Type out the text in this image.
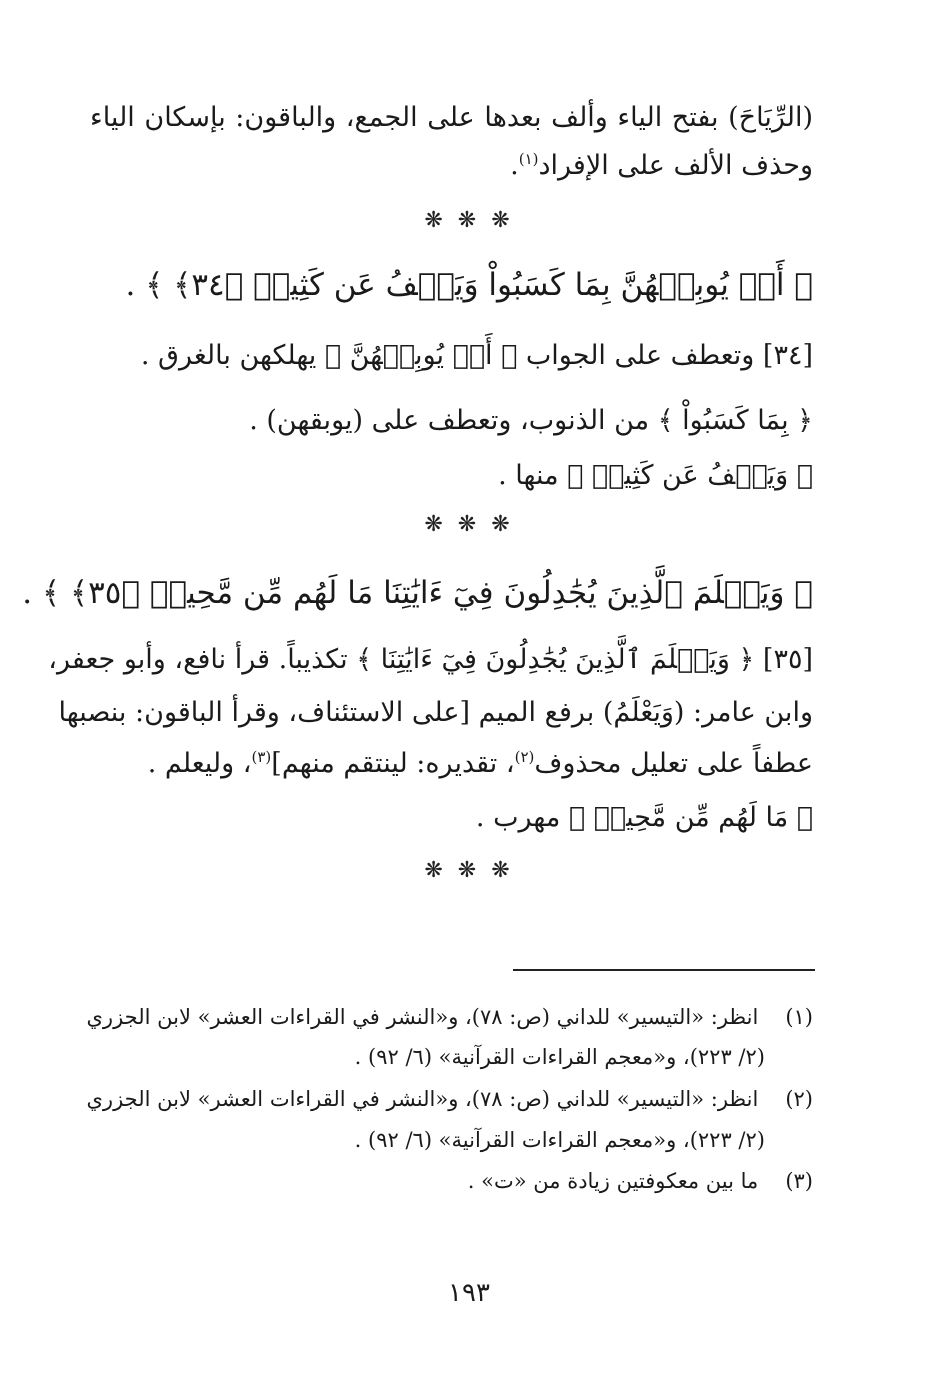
(الرِّيَاحَ) بفتح الياء وألف بعدها على الجمع، والباقون: بإسكان الياء
وحذف الألف على الإفراد$^{(١)}$.
❋ ❋ ❋
﴿ أَوۡ يُوبِقۡهُنَّ بِمَا كَسَبُواْ وَيَعۡفُ عَن كَثِيرٖ ﴿٣٤﴾ ﴾ .
[٣٤] وتعطف على الجواب ﴿ أَوۡ يُوبِقۡهُنَّ ﴾ يهلكهن بالغرق .
﴿ بِمَا كَسَبُواْ ﴾ من الذنوب، وتعطف على (يوبقهن) .
﴿ وَيَعۡفُ عَن كَثِيرٖ ﴾ منها .
❋ ❋ ❋
﴿ وَيَعۡلَمَ ٱلَّذِينَ يُجَٰدِلُونَ فِيٓ ءَايَٰتِنَا مَا لَهُم مِّن مَّحِيصٖ ﴿٣٥﴾ ﴾ .
[٣٥] ﴿ وَيَعۡلَمَ ٱلَّذِينَ يُجَٰدِلُونَ فِيٓ ءَايَٰتِنَا ﴾ تكذيباً. قرأ نافع، وأبو جعفر،
وابن عامر: (وَيَعْلَمُ) برفع الميم [على الاستئناف، وقرأ الباقون: بنصبها
عطفاً على تعليل محذوف$^{(٢)}$، تقديره: لينتقم منهم]$^{(٣)}$، وليعلم .
﴿ مَا لَهُم مِّن مَّحِيصٖ ﴾ مهرب .
❋ ❋ ❋
(١) انظر: «التيسير» للداني (ص: ٧٨)، و«النشر في القراءات العشر» لابن الجزري
(٢/ ٢٢٣)، و«معجم القراءات القرآنية» (٦/ ٩٢) .
(٢) انظر: «التيسير» للداني (ص: ٧٨)، و«النشر في القراءات العشر» لابن الجزري
(٢/ ٢٢٣)، و«معجم القراءات القرآنية» (٦/ ٩٢) .
(٣) ما بين معكوفتين زيادة من «ت» .
١٩٣
